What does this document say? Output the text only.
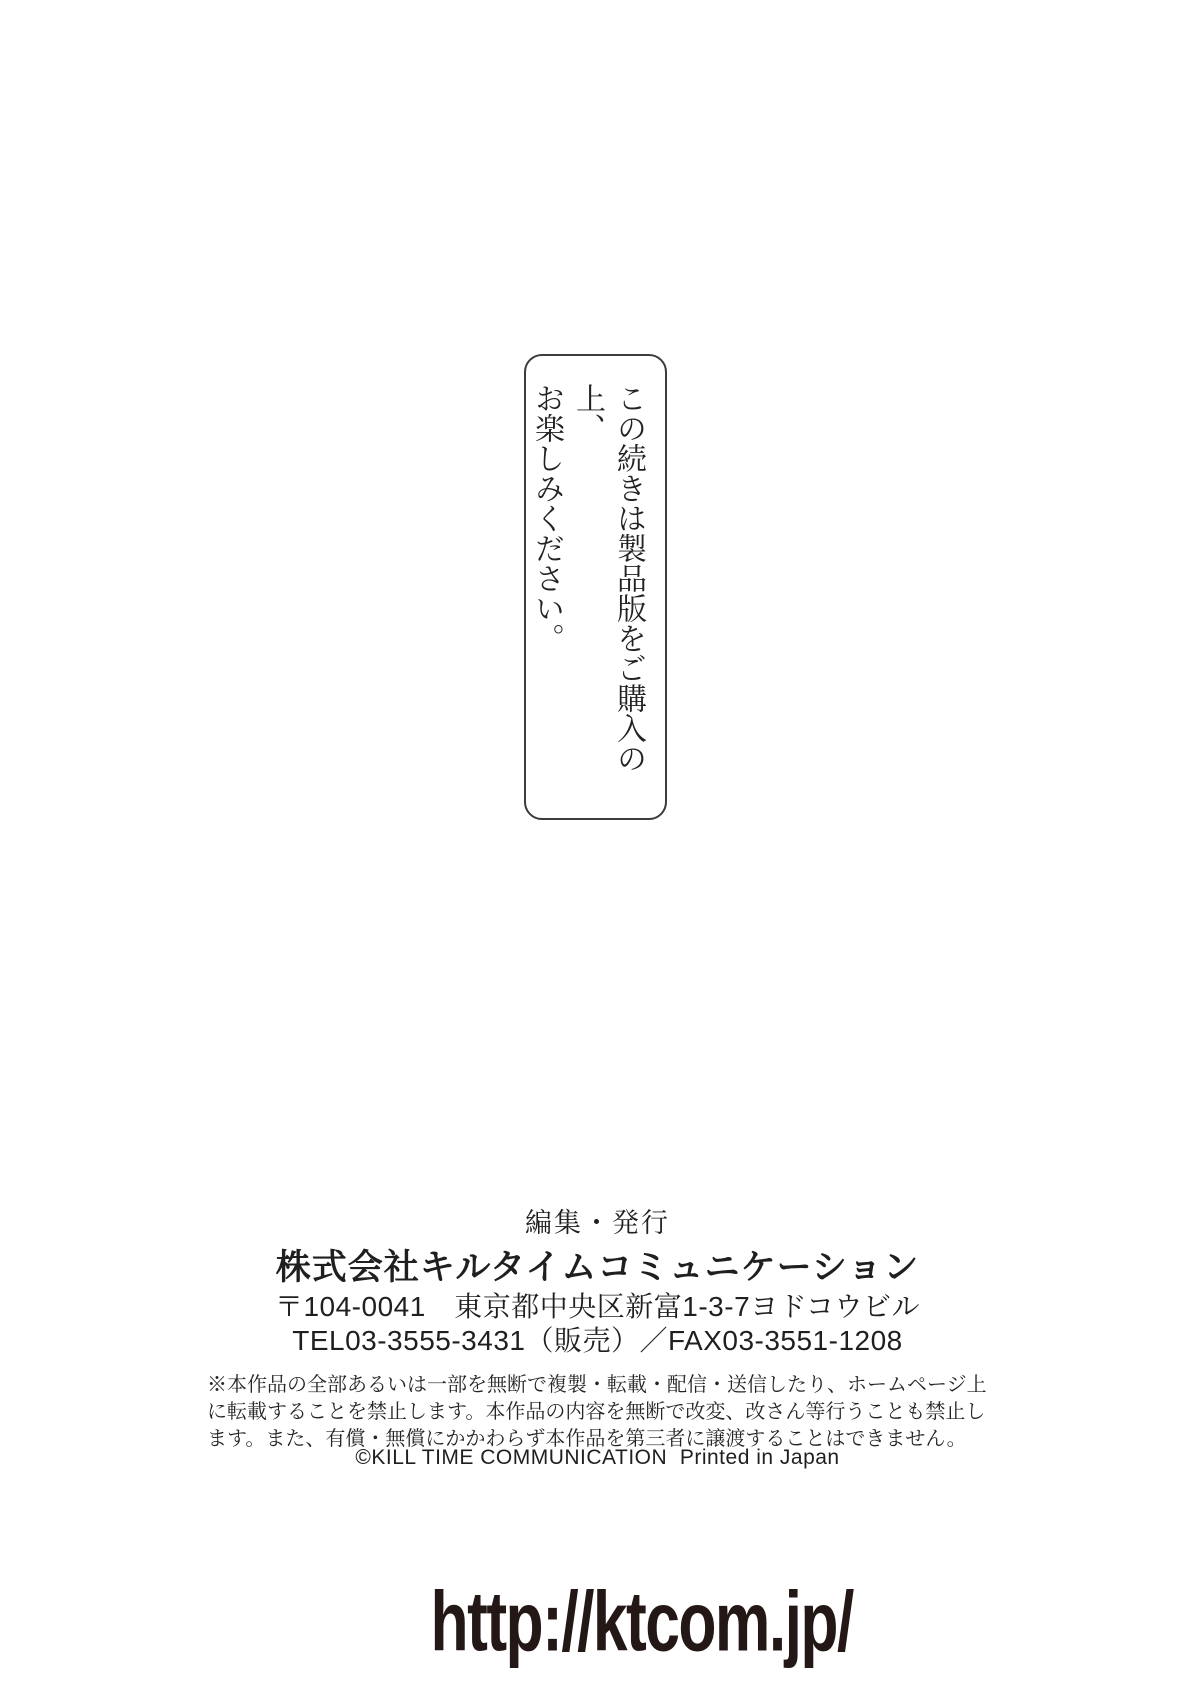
この続きは製品版をご購入の上、
お楽しみください。
編集・発行
株式会社キルタイムコミュニケーション
〒104-0041　東京都中央区新富1-3-7ヨドコウビル
TEL03-3555-3431（販売）／FAX03-3551-1208
※本作品の全部あるいは一部を無断で複製・転載・配信・送信したり、ホームページ上
に転載することを禁止します。本作品の内容を無断で改変、改さん等行うことも禁止し
ます。また、有償・無償にかかわらず本作品を第三者に譲渡することはできません。
©KILL TIME COMMUNICATION  Printed in Japan

http://ktcom.jp/
